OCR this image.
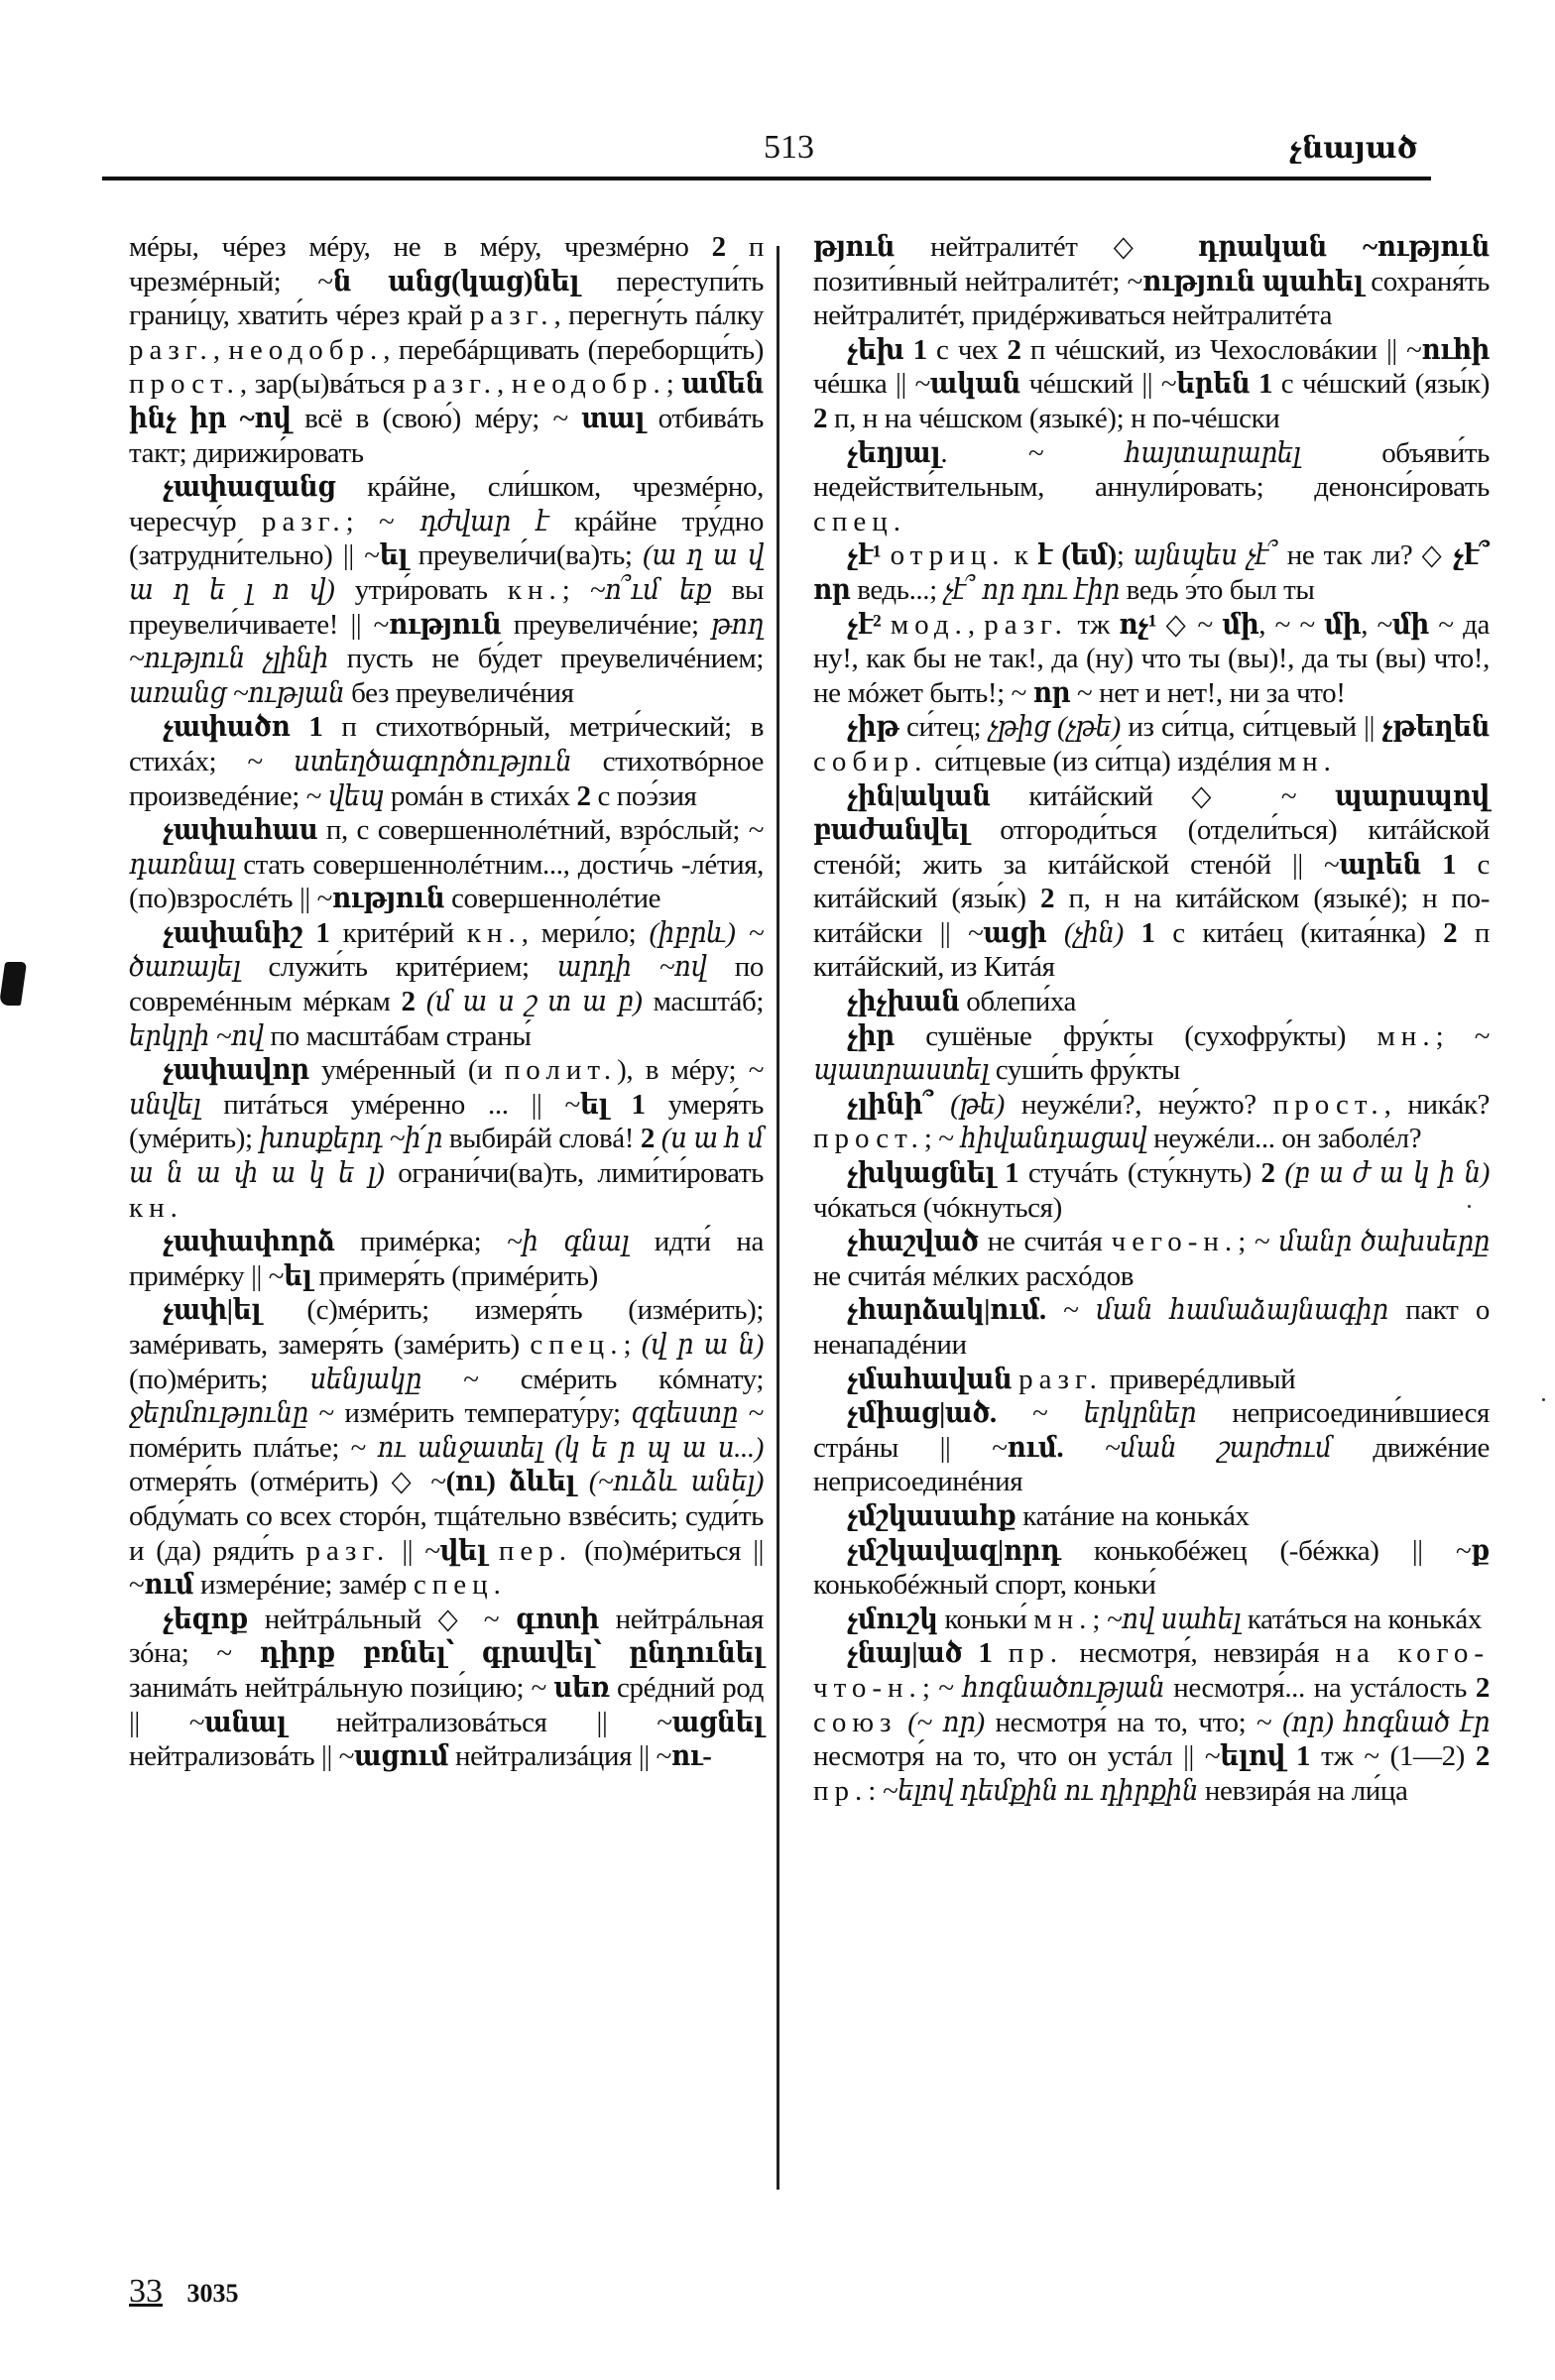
513	չնայած

мéры, чéрез мéру, не в мéру, чрезмéрно 2 п чрезмéрный; ~ն անց(կաց)նել переступи́ть грани́цу, хвати́ть чéрез край разг., перегну́ть пáлку разг., неодобр., перебáрщивать (переборщи́ть) прост., зар(ы)вáться разг., неодобр.; ամեն ինչ իր ~ով всё в (свою́) мéру; ~ տալ отбивáть такт; дирижи́ровать

չափազանց крáйне, сли́шком, чрезмéрно, чересчу́р разг.; ~ դժվար է крáйне тру́дно (затрудни́тельно) || ~ել преувели́чи(ва)ть; (ա ղ ա վ ա ղ ե լ ո վ) утри́ровать кн.; ~ո՞ւմ եք вы преувели́чиваете! || ~ություն преувеличéние; թող ~ություն չլինի пусть не бу́дет преувеличéнием; առանց ~ության без преувеличéния

չափածո 1 п стихотвóрный, метри́ческий; в стихáх; ~ ստեղծագործություն стихотвóрное произведéние; ~ վեպ ромáн в стихáх 2 с поэ́зия

չափահաս п, с совершеннолéтний, взрóслый; ~ դառնալ стать совершеннолéтним..., дости́чь -лéтия, (по)взрослéть || ~ություն совершеннолéтие

չափանիշ 1 критéрий кн., мери́ло; (իբրև) ~ ծառայել служи́ть критéрием; արդի ~ով по совремéнным мéркам 2 (մ ա ս շ տ ա բ) масштáб; երկրի ~ով по масштáбам страны́

չափավոր умéренный (и полит.), в мéру; ~ սնվել питáться умéренно ... || ~ել 1 умеря́ть (умéрить); խոսքերդ ~ի՛ր выбирáй словá! 2 (ս ա հ մ ա ն ա փ ա կ ե լ) ограни́чи(ва)ть, лими́ти́ровать кн.

չափափորձ примéрка; ~ի գնալ идти́ на примéрку || ~ել примеря́ть (примéрить)

չափ|ել (с)мéрить; измеря́ть (измéрить); замéривать, замеря́ть (замéрить) спец.; (վ ր ա ն) (по)мéрить; սենյակը ~ смéрить кóмнату; ջերմությունը ~ измéрить температу́ру; զգեստը ~ помéрить плáтье; ~ ու անջատել (կ ե ր պ ա ս...) отмеря́ть (отмéрить) ◇ ~(ու) ձևել (~ուձև անել) обду́мать со всех сторóн, тщáтельно взвéсить; суди́ть и (да) ряди́ть разг. || ~վել пер. (по)мéриться || ~ում измерéние; замéр спец.

չեզոք нейтрáльный ◇ ~ գոտի нейтрáльная зóна; ~ դիրք բռնել՝ գրավել՝ ընդունել занимáть нейтрáльную пози́цию; ~ սեռ срéдний род || ~անալ нейтрализовáться || ~ացնել нейтрализовáть || ~ացում нейтрализáция || ~ու-

թյուն нейтралитéт ◇ դրական ~ություն позити́вный нейтралитéт; ~ություն պահել сохраня́ть нейтралитéт, придéрживаться нейтралитéта

չեխ 1 с чех 2 п чéшский, из Чехословáкии || ~ուհի чéшка || ~ական чéшский || ~երեն 1 с чéшский (язы́к) 2 п, н на чéшском (языкé); н по-чéшски

չեղյալ. ~ հայտարարել объяви́ть недействи́тельным, аннули́ровать; денонси́ровать спец.

չէ¹ отриц. к է (եմ); այնպես չէ՞ не так ли? ◇ չէ՞ որ ведь...; չէ՞ որ դու էիր ведь э́то был ты

չէ² мод., разг. тж ոչ¹ ◇ ~ մի, ~ ~ մի, ~մի ~ да ну!, как бы не так!, да (ну) что ты (вы)!, да ты (вы) что!, не мóжет быть!; ~ որ ~ нет и нет!, ни за что!

չիթ си́тец; չթից (չթե) из си́тца, си́тцевый || չթեղեն собир. си́тцевые (из си́тца) издéлия мн.

չին|ական китáйский ◇ ~ պարսպով բաժանվել отгороди́ться (отдели́ться) китáйской стенóй; жить за китáйской стенóй || ~արեն 1 с китáйский (язы́к) 2 п, н на китáйском (языкé); н по-китáйски || ~ացի (չին) 1 с китáец (китая́нка) 2 п китáйский, из Китáя

չիչխան облепи́ха

չիր сушёные фру́кты (сухофру́кты) мн.; ~ պատրաստել суши́ть фру́кты

չլինի՞ (թե) неужéли?, неу́жто? прост., никáк? прост.; ~ հիվանդացավ неужéли... он заболéл?

չխկացնել 1 стучáть (сту́кнуть) 2 (բ ա ժ ա կ ի ն) чóкаться (чóкнуться)

չհաշված не считáя чего-н.; ~ մանր ծախսերը не считáя мéлких расхóдов

չհարձակ|ում. ~ ման համաձայնագիր пакт о ненападéнии

չմահավան разг. приверéдливый

չմիաց|ած. ~ երկրներ неприсоедини́вшиеся стрáны || ~ում. ~ման շարժում движéние неприсоединéния

չմշկասահք катáние на конькáх

չմշկավազ|որդ конькобéжец (-бéжка) || ~ք конькобéжный спорт, коньки́

չմուշկ коньки́ мн.; ~ով սահել катáться на конькáх

չնայ|ած 1 пр. несмотря́, невзирáя на кого-что-н.; ~ հոգնածության несмотря́... на устáлость 2 союз (~ որ) несмотря́ на то, что; ~ (որ) հոգնած էր несмотря́ на то, что он устáл || ~ելով 1 тж ~ (1—2) 2 пр.: ~ելով դեմքին ու դիրքին невзирáя на ли́ца

33 3035
